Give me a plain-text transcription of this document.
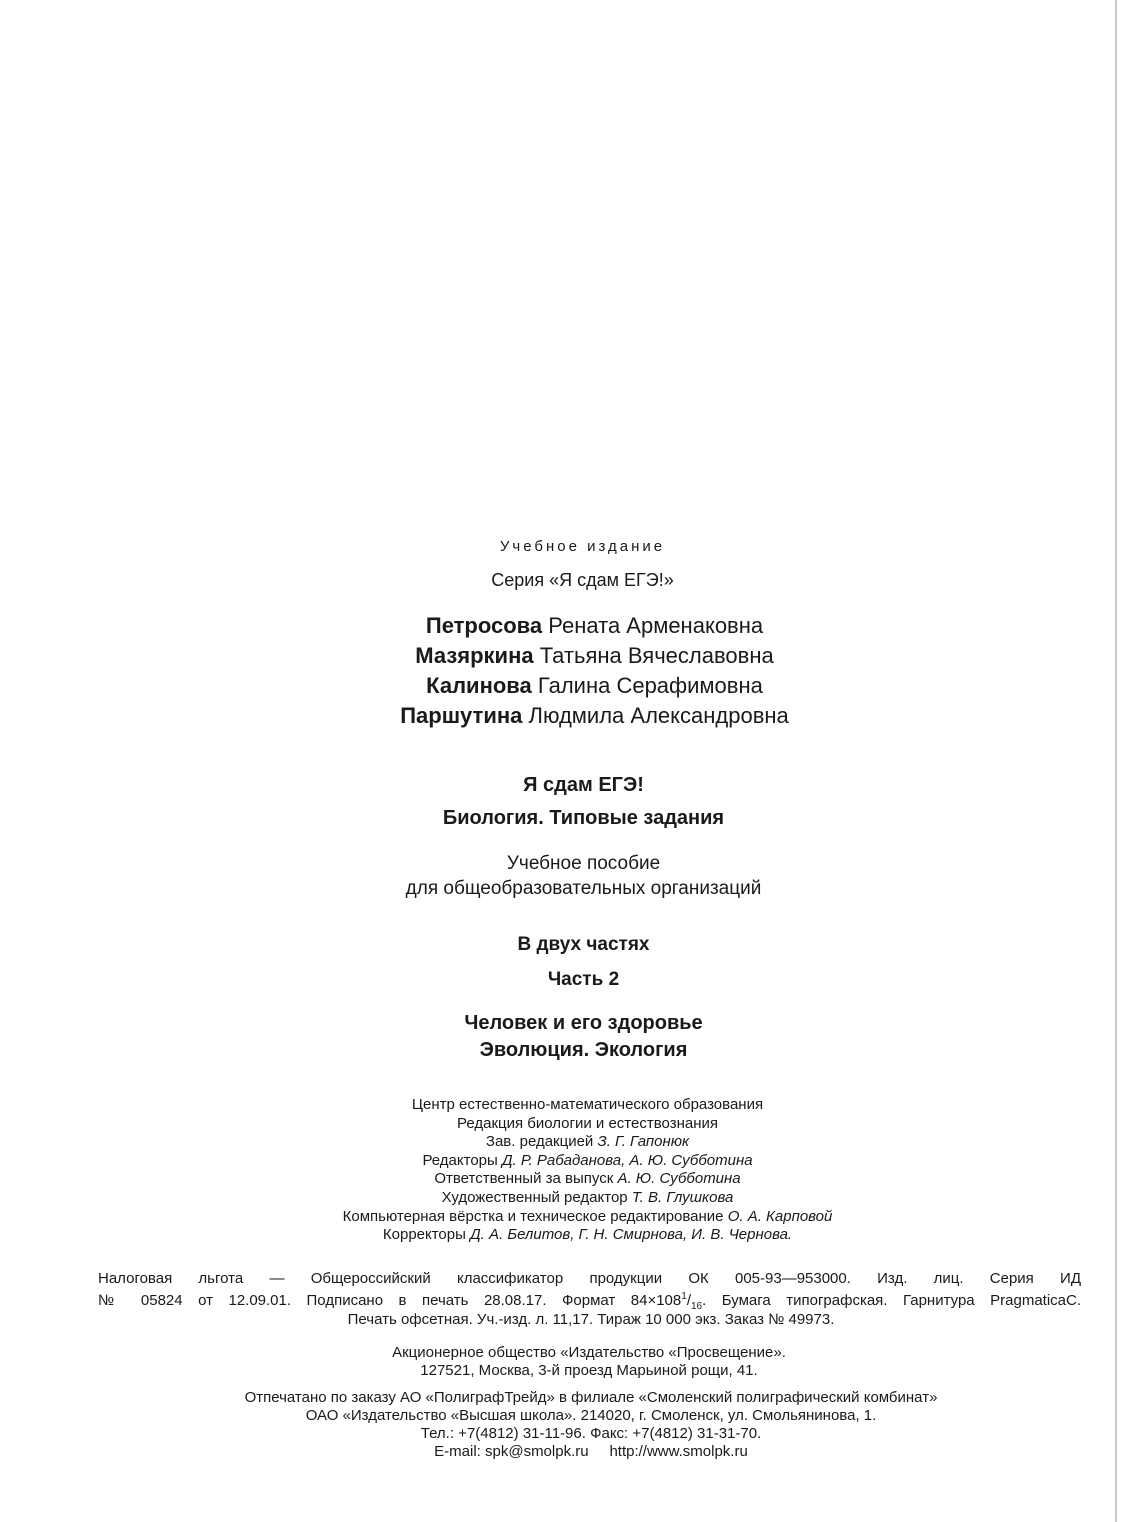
Учебное издание
Серия «Я сдам ЕГЭ!»
Петросова Рената Арменаковна
Мазяркина Татьяна Вячеславовна
Калинова Галина Серафимовна
Паршутина Людмила Александровна
Я сдам ЕГЭ!
Биология. Типовые задания
Учебное пособие
для общеобразовательных организаций
В двух частях
Часть 2
Человек и его здоровье
Эволюция. Экология
Центр естественно-математического образования
Редакция биологии и естествознания
Зав. редакцией З. Г. Гапонюк
Редакторы Д. Р. Рабаданова, А. Ю. Субботина
Ответственный за выпуск А. Ю. Субботина
Художественный редактор Т. В. Глушкова
Компьютерная вёрстка и техническое редактирование О. А. Карповой
Корректоры Д. А. Белитов, Г. Н. Смирнова, И. В. Чернова.
Налоговая льгота — Общероссийский классификатор продукции ОК 005-93—953000. Изд. лиц. Серия ИД
№ 05824 от 12.09.01. Подписано в печать 28.08.17. Формат $84\times 108^1/_{16}$. Бумага типографская. Гарнитура PragmaticaC.
Печать офсетная. Уч.-изд. л. 11,17. Тираж 10 000 экз. Заказ № 49973.
Акционерное общество «Издательство «Просвещение».
127521, Москва, 3-й проезд Марьиной рощи, 41.
Отпечатано по заказу АО «ПолиграфТрейд» в филиале «Смоленский полиграфический комбинат»
ОАО «Издательство «Высшая школа». 214020, г. Смоленск, ул. Смольянинова, 1.
Тел.: +7(4812) 31-11-96. Факс: +7(4812) 31-31-70.
E-mail: spk@smolpk.ru http://www.smolpk.ru
